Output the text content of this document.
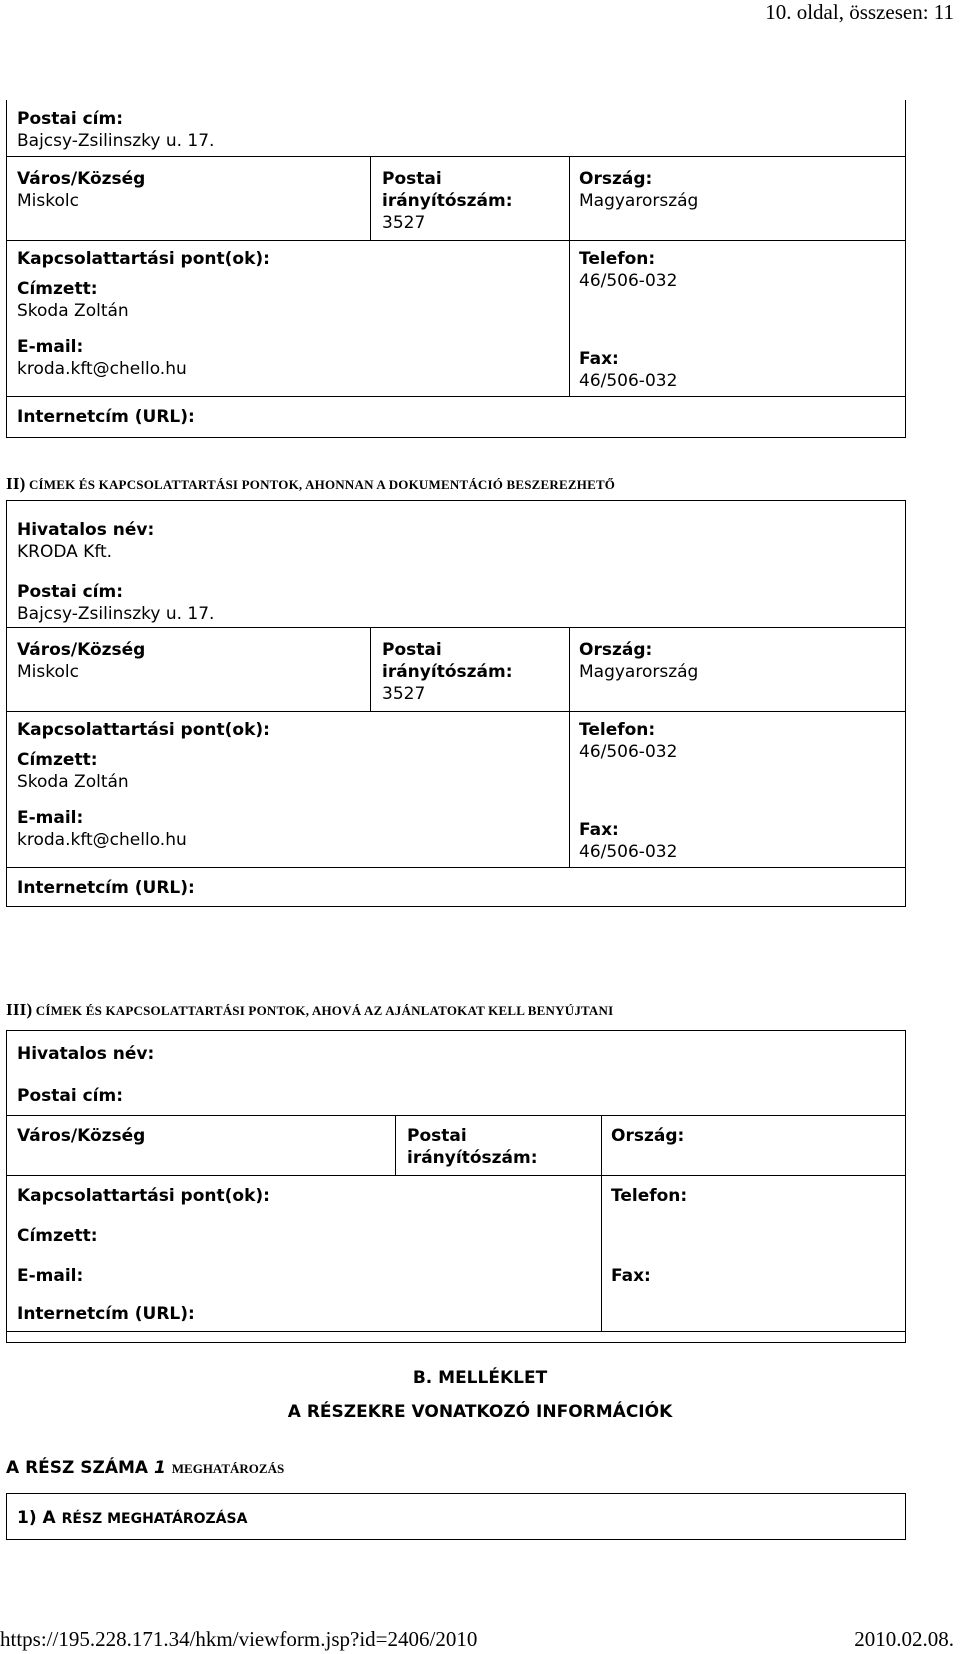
10. oldal, összesen: 11
Postai cím:
Bajcsy-Zsilinszky u. 17.
Város/Község
Miskolc
Postai irányítószám:
3527
Ország:
Magyarország
Kapcsolattartási pont(ok):
Címzett:
Skoda Zoltán
E-mail:
kroda.kft@chello.hu
Telefon:
46/506-032
Fax:
46/506-032
Internetcím (URL):
II) CÍMEK ÉS KAPCSOLATTARTÁSI PONTOK, AHONNAN A DOKUMENTÁCIÓ BESZEREZHETŐ
Hivatalos név:
KRODA Kft.
Postai cím:
Bajcsy-Zsilinszky u. 17.
Város/Község
Miskolc
Postai irányítószám:
3527
Ország:
Magyarország
Kapcsolattartási pont(ok):
Címzett:
Skoda Zoltán
E-mail:
kroda.kft@chello.hu
Telefon:
46/506-032
Fax:
46/506-032
Internetcím (URL):
III) CÍMEK ÉS KAPCSOLATTARTÁSI PONTOK, AHOVÁ AZ AJÁNLATOKAT KELL BENYÚJTANI
Hivatalos név:
Postai cím:
Város/Község	Postai irányítószám:
Ország:
Kapcsolattartási pont(ok):
Címzett:
E-mail:
Telefon:
Fax:
Internetcím (URL):
B. MELLÉKLET
A RÉSZEKRE VONATKOZÓ INFORMÁCIÓK
A RÉSZ SZÁMA 1 MEGHATÁROZÁS
1) A RÉSZ MEGHATÁROZÁSA
https://195.228.171.34/hkm/viewform.jsp?id=2406/2010	2010.02.08.
